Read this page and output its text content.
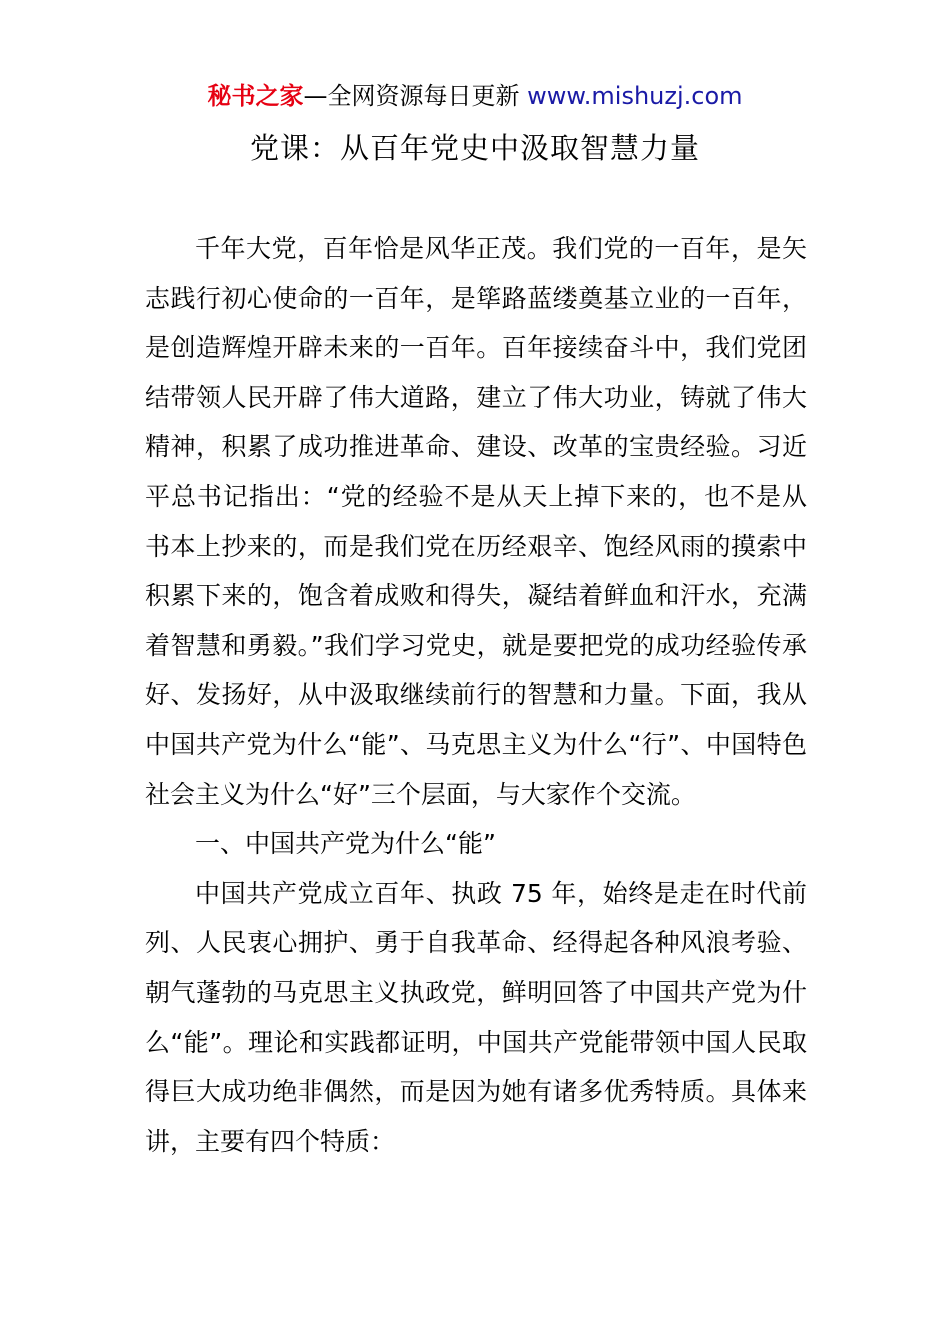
秘书之家—全网资源每日更新 www.mishuzj.com
党课：从百年党史中汲取智慧力量

千年大党，百年恰是风华正茂。我们党的一百年，是矢志践行初心使命的一百年，是筚路蓝缕奠基立业的一百年，是创造辉煌开辟未来的一百年。百年接续奋斗中，我们党团结带领人民开辟了伟大道路，建立了伟大功业，铸就了伟大精神，积累了成功推进革命、建设、改革的宝贵经验。习近平总书记指出：“党的经验不是从天上掉下来的，也不是从书本上抄来的，而是我们党在历经艰辛、饱经风雨的摸索中积累下来的，饱含着成败和得失，凝结着鲜血和汗水，充满着智慧和勇毅。”我们学习党史，就是要把党的成功经验传承好、发扬好，从中汲取继续前行的智慧和力量。下面，我从中国共产党为什么“能”、马克思主义为什么“行”、中国特色社会主义为什么“好”三个层面，与大家作个交流。

一、中国共产党为什么“能”

中国共产党成立百年、执政 75 年，始终是走在时代前列、人民衷心拥护、勇于自我革命、经得起各种风浪考验、朝气蓬勃的马克思主义执政党，鲜明回答了中国共产党为什么“能”。理论和实践都证明，中国共产党能带领中国人民取得巨大成功绝非偶然，而是因为她有诸多优秀特质。具体来讲，主要有四个特质：
